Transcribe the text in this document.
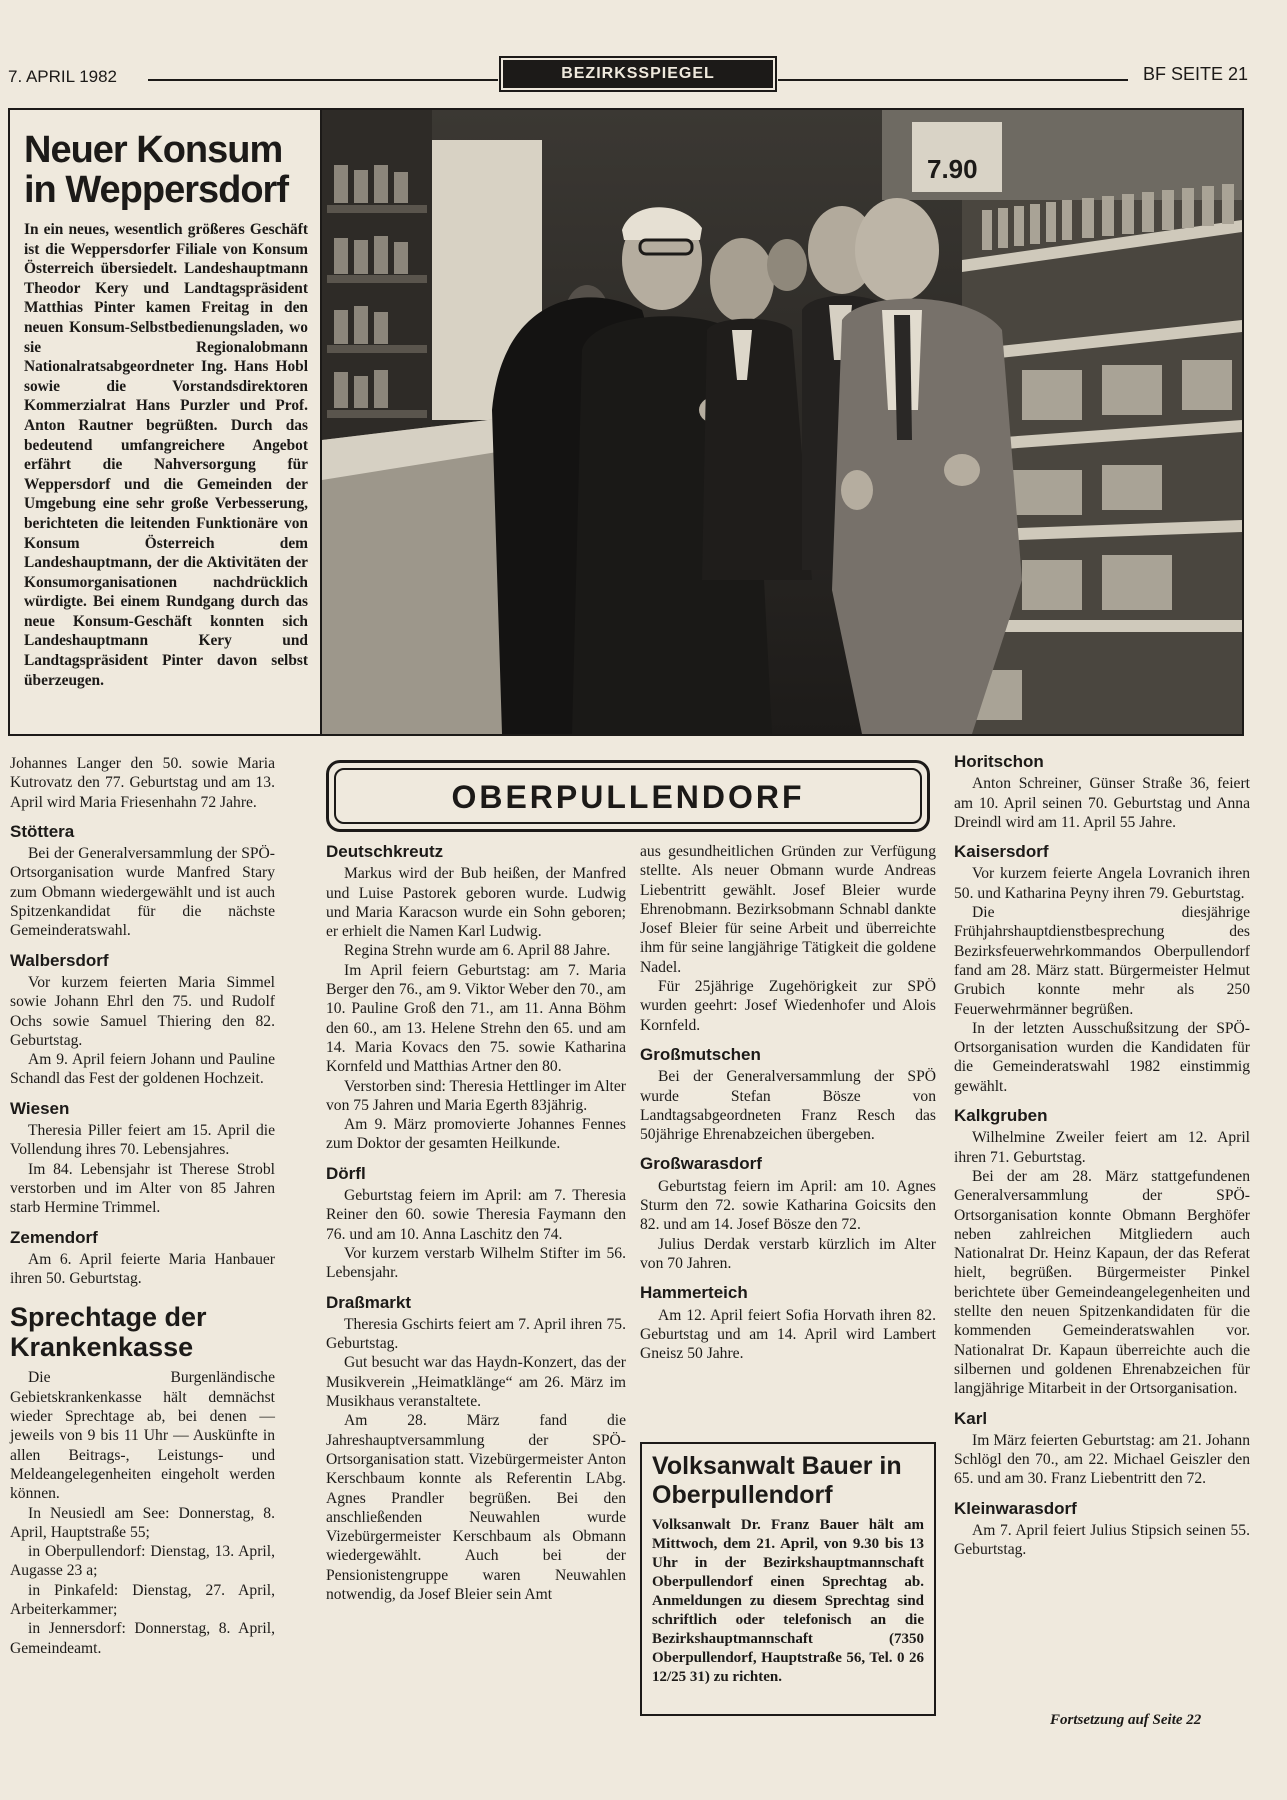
7. APRIL 1982	BEZIRKSSPIEGEL	BF SEITE 21
Neuer Konsum in Weppersdorf

In ein neues, wesentlich größeres Geschäft ist die Weppersdorfer Filiale von Konsum Österreich übersiedelt. Landeshauptmann Theodor Kery und Landtagspräsident Matthias Pinter kamen Freitag in den neuen Konsum-Selbstbedienungsladen, wo sie Regionalobmann Nationalratsabgeordneter Ing. Hans Hobl sowie die Vorstandsdirektoren Kommerzialrat Hans Purzler und Prof. Anton Rautner begrüßten. Durch das bedeutend umfangreichere Angebot erfährt die Nahversorgung für Weppersdorf und die Gemeinden der Umgebung eine sehr große Verbesserung, berichteten die leitenden Funktionäre von Konsum Österreich dem Landeshauptmann, der die Aktivitäten der Konsumorganisationen nachdrücklich würdigte. Bei einem Rundgang durch das neue Konsum-Geschäft konnten sich Landeshauptmann Kery und Landtagspräsident Pinter davon selbst überzeugen.

7.90

Johannes Langer den 50. sowie Maria Kutrovatz den 77. Geburtstag und am 13. April wird Maria Friesenhahn 72 Jahre.

Stöttera

Bei der Generalversammlung der SPÖ-Ortsorganisation wurde Manfred Stary zum Obmann wiedergewählt und ist auch Spitzenkandidat für die nächste Gemeinderatswahl.

Walbersdorf

Vor kurzem feierten Maria Simmel sowie Johann Ehrl den 75. und Rudolf Ochs sowie Samuel Thiering den 82. Geburtstag.

Am 9. April feiern Johann und Pauline Schandl das Fest der goldenen Hochzeit.

Wiesen

Theresia Piller feiert am 15. April die Vollendung ihres 70. Lebensjahres.

Im 84. Lebensjahr ist Therese Strobl verstorben und im Alter von 85 Jahren starb Hermine Trimmel.

Zemendorf

Am 6. April feierte Maria Hanbauer ihren 50. Geburtstag.

Sprechtage der Krankenkasse

Die Burgenländische Gebietskrankenkasse hält demnächst wieder Sprechtage ab, bei denen — jeweils von 9 bis 11 Uhr — Auskünfte in allen Beitrags-, Leistungs- und Meldeangelegenheiten eingeholt werden können.

In Neusiedl am See: Donnerstag, 8. April, Hauptstraße 55;

in Oberpullendorf: Dienstag, 13. April, Augasse 23 a;

in Pinkafeld: Dienstag, 27. April, Arbeiterkammer;

in Jennersdorf: Donnerstag, 8. April, Gemeindeamt.

OBERPULLENDORF
Deutschkreutz

Markus wird der Bub heißen, der Manfred und Luise Pastorek geboren wurde. Ludwig und Maria Karacson wurde ein Sohn geboren; er erhielt die Namen Karl Ludwig.

Regina Strehn wurde am 6. April 88 Jahre.

Im April feiern Geburtstag: am 7. Maria Berger den 76., am 9. Viktor Weber den 70., am 10. Pauline Groß den 71., am 11. Anna Böhm den 60., am 13. Helene Strehn den 65. und am 14. Maria Kovacs den 75. sowie Katharina Kornfeld und Matthias Artner den 80.

Verstorben sind: Theresia Hettlinger im Alter von 75 Jahren und Maria Egerth 83jährig.

Am 9. März promovierte Johannes Fennes zum Doktor der gesamten Heilkunde.

Dörfl

Geburtstag feiern im April: am 7. Theresia Reiner den 60. sowie Theresia Faymann den 76. und am 10. Anna Laschitz den 74.

Vor kurzem verstarb Wilhelm Stifter im 56. Lebensjahr.

Draßmarkt

Theresia Gschirts feiert am 7. April ihren 75. Geburtstag.

Gut besucht war das Haydn-Konzert, das der Musikverein „Heimatklänge“ am 26. März im Musikhaus veranstaltete.

Am 28. März fand die Jahreshauptversammlung der SPÖ-Ortsorganisation statt. Vizebürgermeister Anton Kerschbaum konnte als Referentin LAbg. Agnes Prandler begrüßen. Bei den anschließenden Neuwahlen wurde Vizebürgermeister Kerschbaum als Obmann wiedergewählt. Auch bei der Pensionistengruppe waren Neuwahlen notwendig, da Josef Bleier sein Amt

aus gesundheitlichen Gründen zur Verfügung stellte. Als neuer Obmann wurde Andreas Liebentritt gewählt. Josef Bleier wurde Ehrenobmann. Bezirksobmann Schnabl dankte Josef Bleier für seine Arbeit und überreichte ihm für seine langjährige Tätigkeit die goldene Nadel.

Für 25jährige Zugehörigkeit zur SPÖ wurden geehrt: Josef Wiedenhofer und Alois Kornfeld.

Großmutschen

Bei der Generalversammlung der SPÖ wurde Stefan Bösze von Landtagsabgeordneten Franz Resch das 50jährige Ehrenabzeichen übergeben.

Großwarasdorf

Geburtstag feiern im April: am 10. Agnes Sturm den 72. sowie Katharina Goicsits den 82. und am 14. Josef Bösze den 72.

Julius Derdak verstarb kürzlich im Alter von 70 Jahren.

Hammerteich

Am 12. April feiert Sofia Horvath ihren 82. Geburtstag und am 14. April wird Lambert Gneisz 50 Jahre.

Volksanwalt Bauer in Oberpullendorf

Volksanwalt Dr. Franz Bauer hält am Mittwoch, dem 21. April, von 9.30 bis 13 Uhr in der Bezirkshauptmannschaft Oberpullendorf einen Sprechtag ab. Anmeldungen zu diesem Sprechtag sind schriftlich oder telefonisch an die Bezirkshauptmannschaft (7350 Oberpullendorf, Hauptstraße 56, Tel. 0 26 12/25 31) zu richten.

Horitschon

Anton Schreiner, Günser Straße 36, feiert am 10. April seinen 70. Geburtstag und Anna Dreindl wird am 11. April 55 Jahre.

Kaisersdorf

Vor kurzem feierte Angela Lovranich ihren 50. und Katharina Peyny ihren 79. Geburtstag.

Die diesjährige Frühjahrshauptdienstbesprechung des Bezirksfeuerwehrkommandos Oberpullendorf fand am 28. März statt. Bürgermeister Helmut Grubich konnte mehr als 250 Feuerwehrmänner begrüßen.

In der letzten Ausschußsitzung der SPÖ-Ortsorganisation wurden die Kandidaten für die Gemeinderatswahl 1982 einstimmig gewählt.

Kalkgruben

Wilhelmine Zweiler feiert am 12. April ihren 71. Geburtstag.

Bei der am 28. März stattgefundenen Generalversammlung der SPÖ-Ortsorganisation konnte Obmann Berghöfer neben zahlreichen Mitgliedern auch Nationalrat Dr. Heinz Kapaun, der das Referat hielt, begrüßen. Bürgermeister Pinkel berichtete über Gemeindeangelegenheiten und stellte den neuen Spitzenkandidaten für die kommenden Gemeinderatswahlen vor. Nationalrat Dr. Kapaun überreichte auch die silbernen und goldenen Ehrenabzeichen für langjährige Mitarbeit in der Ortsorganisation.

Karl

Im März feierten Geburtstag: am 21. Johann Schlögl den 70., am 22. Michael Geiszler den 65. und am 30. Franz Liebentritt den 72.

Kleinwarasdorf

Am 7. April feiert Julius Stipsich seinen 55. Geburtstag.

Fortsetzung auf Seite 22
